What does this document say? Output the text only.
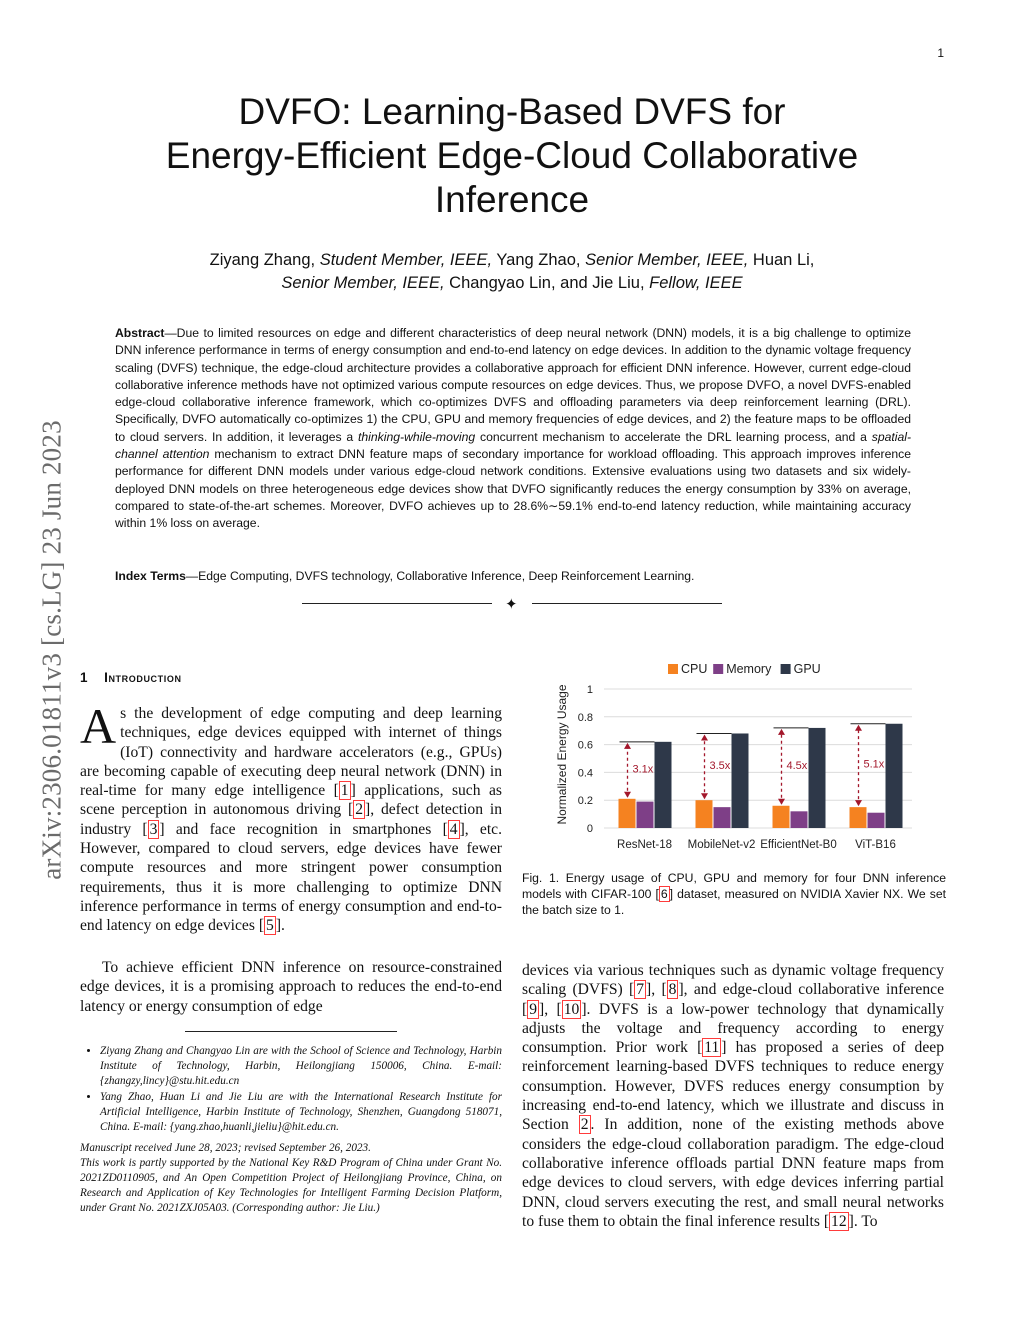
1
arXiv:2306.01811v3 [cs.LG] 23 Jun 2023
DVFO: Learning-Based DVFS for
Energy-Efficient Edge-Cloud Collaborative
Inference
Ziyang Zhang, Student Member, IEEE, Yang Zhao, Senior Member, IEEE, Huan Li,
Senior Member, IEEE, Changyao Lin, and Jie Liu, Fellow, IEEE
Abstract—Due to limited resources on edge and different characteristics of deep neural network (DNN) models, it is a big challenge to optimize DNN inference performance in terms of energy consumption and end-to-end latency on edge devices. In addition to the dynamic voltage frequency scaling (DVFS) technique, the edge-cloud architecture provides a collaborative approach for efficient DNN inference. However, current edge-cloud collaborative inference methods have not optimized various compute resources on edge devices. Thus, we propose DVFO, a novel DVFS-enabled edge-cloud collaborative inference framework, which co-optimizes DVFS and offloading parameters via deep reinforcement learning (DRL). Specifically, DVFO automatically co-optimizes 1) the CPU, GPU and memory frequencies of edge devices, and 2) the feature maps to be offloaded to cloud servers. In addition, it leverages a thinking-while-moving concurrent mechanism to accelerate the DRL learning process, and a spatial-channel attention mechanism to extract DNN feature maps of secondary importance for workload offloading. This approach improves inference performance for different DNN models under various edge-cloud network conditions. Extensive evaluations using two datasets and six widely-deployed DNN models on three heterogeneous edge devices show that DVFO significantly reduces the energy consumption by 33% on average, compared to state-of-the-art schemes. Moreover, DVFO achieves up to 28.6%∼59.1% end-to-end latency reduction, while maintaining accuracy within 1% loss on average.
Index Terms—Edge Computing, DVFS technology, Collaborative Inference, Deep Reinforcement Learning.
✦
1 Introduction
As the development of edge computing and deep learning techniques, edge devices equipped with internet of things (IoT) connectivity and hardware accelerators (e.g., GPUs) are becoming capable of executing deep neural network (DNN) in real-time for many edge intelligence [ 1 ] applications, such as scene perception in autonomous driving [ 2 ], defect detection in industry [ 3 ] and face recognition in smartphones [ 4 ], etc. However, compared to cloud servers, edge devices have fewer compute resources and more stringent power consumption requirements, thus it is more challenging to optimize DNN inference performance in terms of energy consumption and end-to-end latency on edge devices [ 5 ].
To achieve efficient DNN inference on resource-constrained edge devices, it is a promising approach to reduces the end-to-end latency or energy consumption of edge
• Ziyang Zhang and Changyao Lin are with the School of Science and Technology, Harbin Institute of Technology, Harbin, Heilongjiang 150006, China. E-mail: {zhangzy,lincy}@stu.hit.edu.cn
• Yang Zhao, Huan Li and Jie Liu are with the International Research Institute for Artificial Intelligence, Harbin Institute of Technology, Shenzhen, Guangdong 518071, China. E-mail: {yang.zhao,huanli,jieliu}@hit.edu.cn.
Manuscript received June 28, 2023; revised September 26, 2023.
This work is partly supported by the National Key R&D Program of China under Grant No. 2021ZD0110905, and An Open Competition Project of Heilongjiang Province, China, on Research and Application of Key Technologies for Intelligent Farming Decision Platform, under Grant No. 2021ZXJ05A03. (Corresponding author: Jie Liu.)
0
0.2
0.4
0.6
0.8
1
Normalized Energy Usage
CPU Memory GPU
3.1x
ResNet-18
3.5x
MobileNet-v2
4.5x
EfficientNet-B0
5.1x
ViT-B16
Fig. 1. Energy usage of CPU, GPU and memory for four DNN inference models with CIFAR-100 [ 6 ] dataset, measured on NVIDIA Xavier NX. We set the batch size to 1.
devices via various techniques such as dynamic voltage frequency scaling (DVFS) [ 7 ], [ 8 ], and edge-cloud collaborative inference [ 9 ], [ 10 ]. DVFS is a low-power technology that dynamically adjusts the voltage and frequency according to energy consumption. Prior work [ 11 ] has proposed a series of deep reinforcement learning-based DVFS techniques to reduce energy consumption. However, DVFS reduces energy consumption by increasing end-to-end latency, which we illustrate and discuss in Section 2 . In addition, none of the existing methods above considers the edge-cloud collaboration paradigm. The edge-cloud collaborative inference offloads partial DNN feature maps from edge devices to cloud servers, with edge devices inferring partial DNN, cloud servers executing the rest, and small neural networks to fuse them to obtain the final inference results [ 12 ]. To
